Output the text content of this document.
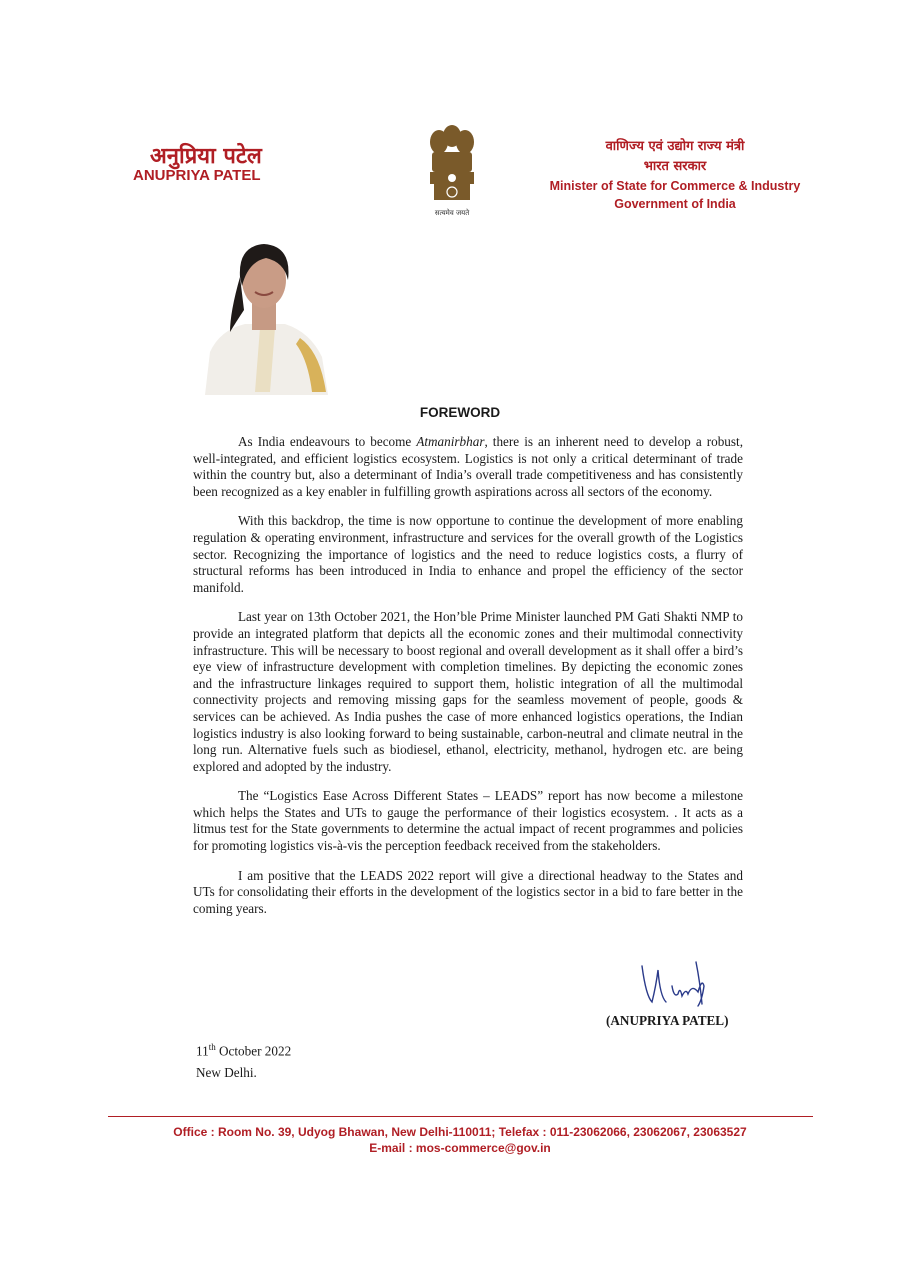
अनुप्रिया पटेल
ANUPRIYA PATEL
सत्यमेव जयते
वाणिज्य एवं उद्योग राज्य मंत्री
भारत सरकार
Minister of State for Commerce & Industry
Government of India
FOREWORD

As India endeavours to become Atmanirbhar, there is an inherent need to develop a robust, well-integrated, and efficient logistics ecosystem. Logistics is not only a critical determinant of trade within the country but, also a determinant of India’s overall trade competitiveness and has consistently been recognized as a key enabler in fulfilling growth aspirations across all sectors of the economy.

With this backdrop, the time is now opportune to continue the development of more enabling regulation & operating environment, infrastructure and services for the overall growth of the Logistics sector. Recognizing the importance of logistics and the need to reduce logistics costs, a flurry of structural reforms has been introduced in India to enhance and propel the efficiency of the sector manifold.

Last year on 13th October 2021, the Hon’ble Prime Minister launched PM Gati Shakti NMP to provide an integrated platform that depicts all the economic zones and their multimodal connectivity infrastructure. This will be necessary to boost regional and overall development as it shall offer a bird’s eye view of infrastructure development with completion timelines. By depicting the economic zones and the infrastructure linkages required to support them, holistic integration of all the multimodal connectivity projects and removing missing gaps for the seamless movement of people, goods & services can be achieved. As India pushes the case of more enhanced logistics operations, the Indian logistics industry is also looking forward to being sustainable, carbon-neutral and climate neutral in the long run. Alternative fuels such as biodiesel, ethanol, electricity, methanol, hydrogen etc. are being explored and adopted by the industry.

The “Logistics Ease Across Different States – LEADS” report has now become a milestone which helps the States and UTs to gauge the performance of their logistics ecosystem. . It acts as a litmus test for the State governments to determine the actual impact of recent programmes and policies for promoting logistics vis-à-vis the perception feedback received from the stakeholders.

I am positive that the LEADS 2022 report will give a directional headway to the States and UTs for consolidating their efforts in the development of the logistics sector in a bid to fare better in the coming years.

(ANUPRIYA PATEL)
11th October 2022
New Delhi.
Office : Room No. 39, Udyog Bhawan, New Delhi-110011; Telefax : 011-23062066, 23062067, 23063527
E-mail : mos-commerce@gov.in
